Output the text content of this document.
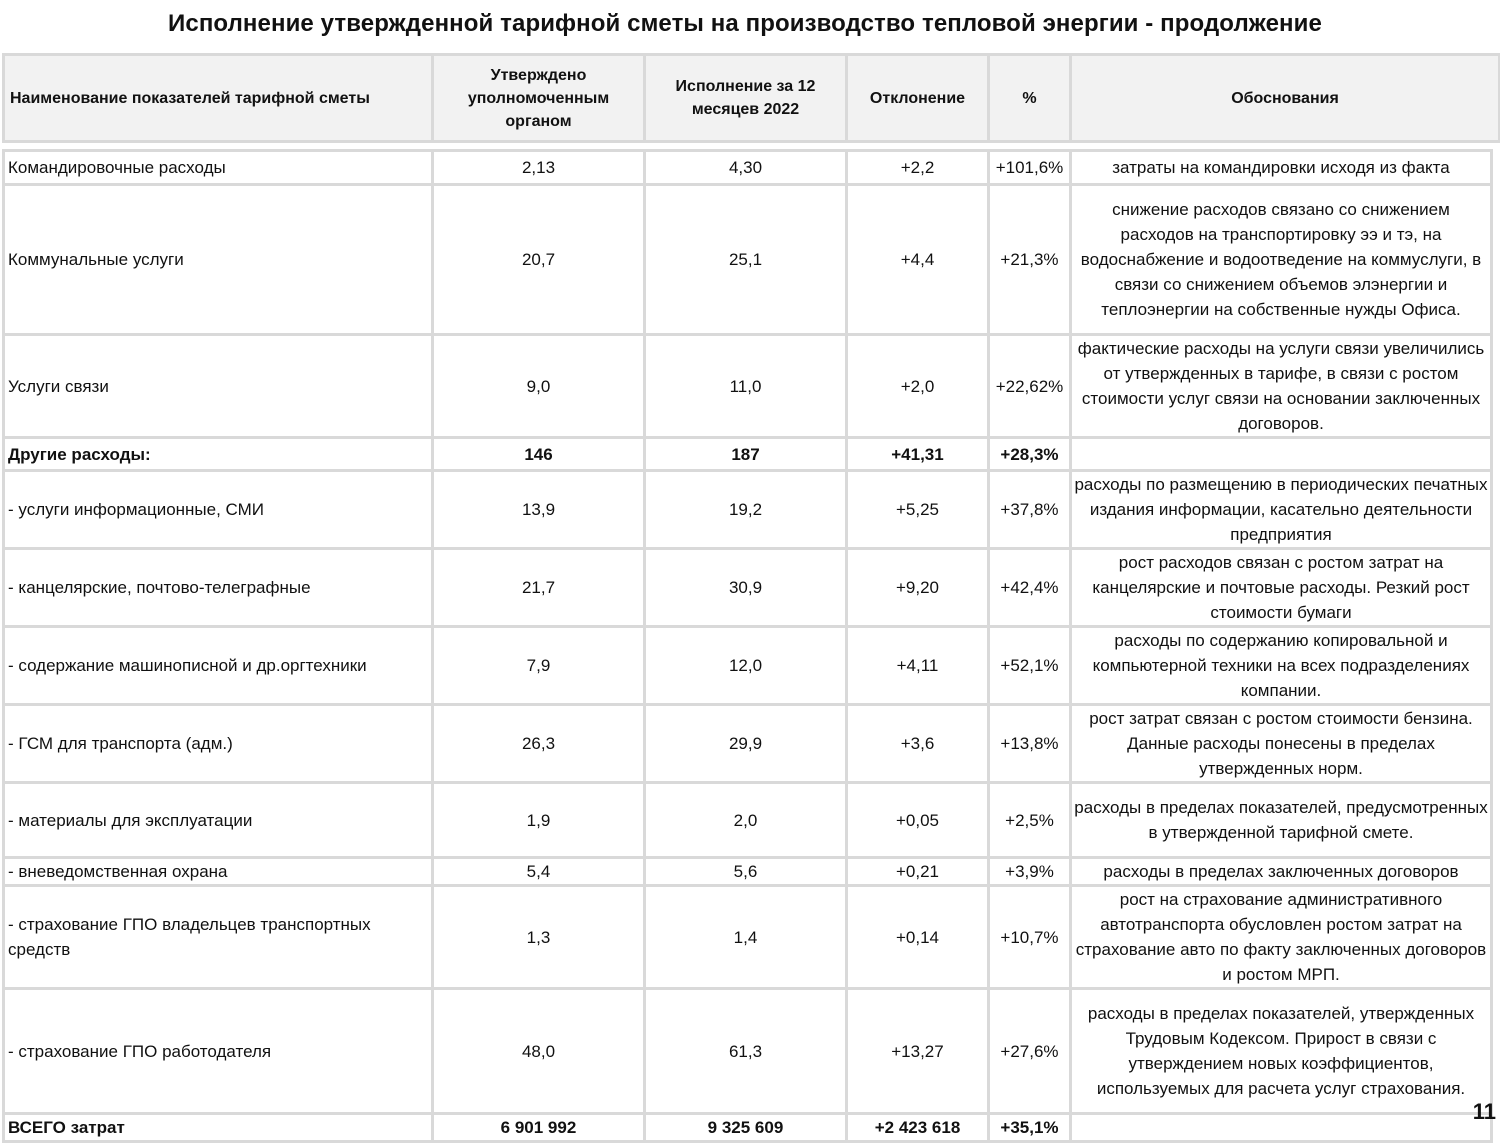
Исполнение утвержденной тарифной сметы на производство тепловой энергии - продолжение
Наименование показателей тарифной сметы	Утверждено уполномоченным органом	Исполнение за 12 месяцев 2022	Отклонение	%	Обоснования
Командировочные расходы	2,13	4,30	+2,2	+101,6%	затраты на командировки исходя из факта
Коммунальные услуги	20,7	25,1	+4,4	+21,3%	снижение расходов связано со снижением расходов на транспортировку ээ и тэ, на водоснабжение и водоотведение на коммуслуги, в связи со снижением объемов элэнергии и теплоэнергии на собственные нужды Офиса.
Услуги связи	9,0	11,0	+2,0	+22,62%	фактические расходы на услуги связи увеличились от утвержденных в тарифе, в связи с ростом стоимости услуг связи на основании заключенных договоров.
Другие расходы:	146	187	+41,31	+28,3%	
- услуги информационные, СМИ	13,9	19,2	+5,25	+37,8%	расходы по размещению в периодических печатных издания информации, касательно деятельности предприятия
- канцелярские, почтово-телеграфные	21,7	30,9	+9,20	+42,4%	рост расходов связан с ростом затрат на канцелярские и почтовые расходы. Резкий рост стоимости бумаги
- содержание машинописной и др.оргтехники	7,9	12,0	+4,11	+52,1%	расходы по содержанию копировальной и компьютерной техники на всех подразделениях компании.
- ГСМ для транспорта (адм.)	26,3	29,9	+3,6	+13,8%	рост затрат связан с ростом стоимости бензина. Данные расходы понесены в пределах утвержденных норм.
- материалы для эксплуатации	1,9	2,0	+0,05	+2,5%	расходы в пределах показателей, предусмотренных в утвержденной тарифной смете.
- вневедомственная охрана	5,4	5,6	+0,21	+3,9%	расходы в пределах заключенных договоров
- страхование ГПО владельцев транспортных средств	1,3	1,4	+0,14	+10,7%	рост на страхование административного автотранспорта обусловлен ростом затрат на страхование авто по факту заключенных договоров и ростом МРП.
- страхование ГПО работодателя	48,0	61,3	+13,27	+27,6%	расходы в пределах показателей, утвержденных Трудовым Кодексом. Прирост в связи с утверждением новых коэффициентов, используемых для расчета услуг страхования.
ВСЕГО затрат	6 901 992	9 325 609	+2 423 618	+35,1%	
11
